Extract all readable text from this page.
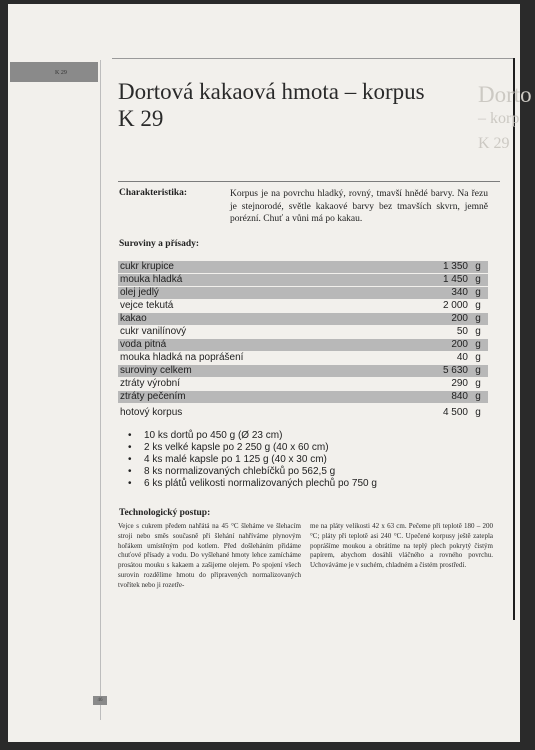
K 29
Dorto
– korp
K 29
Dortová kakaová hmota – korpus
K 29
Charakteristika:	Korpus je na povrchu hladký, rovný, tmavší hnědé barvy. Na řezu je stejnorodé, světle kakaové barvy bez tmavších skvrn, jemně porézní. Chuť a vůni má po kakau.
Suroviny a přísady:
cukr krupice	1 350	g
mouka hladká	1 450	g
olej jedlý	340	g
vejce tekutá	2 000	g
kakao	200	g
cukr vanilínový	50	g
voda pitná	200	g
mouka hladká na poprášení	40	g
suroviny celkem	5 630	g
ztráty výrobní	290	g
ztráty pečením	840	g
hotový korpus	4 500	g
• 10 ks dortů po 450 g (Ø 23 cm)
• 2 ks velké kapsle po 2 250 g (40 x 60 cm)
• 4 ks malé kapsle po 1 125 g (40 x 30 cm)
• 8 ks normalizovaných chlebíčků po 562,5 g
• 6 ks plátů velikosti normalizovaných plechů po 750 g
Technologický postup:
Vejce s cukrem předem nahřátá na 45 °C šleháme ve šlehacím stroji nebo směs současně při šlehání nahříváme plynovým hořákem umístěným pod kotlem. Před došleháním přidáme chuťové přísady a vodu. Do vyšlehané hmoty lehce zamícháme prosátou mouku s kakaem a zašijeme olejem. Po spojení všech surovin rozdělíme hmotu do připravených normalizovaných tvořítek nebo ji rozetře-
me na pláty velikosti 42 x 63 cm. Pečeme při teplotě 180 – 200 °C; pláty při teplotě asi 240 °C. Upečené korpusy ještě zatepla poprášíme moukou a obrátíme na teplý plech pokrytý čistým papírem, abychom dosáhli vláčného a rovného povrchu. Uchováváme je v suchém, chladném a čistém prostředí.
46
